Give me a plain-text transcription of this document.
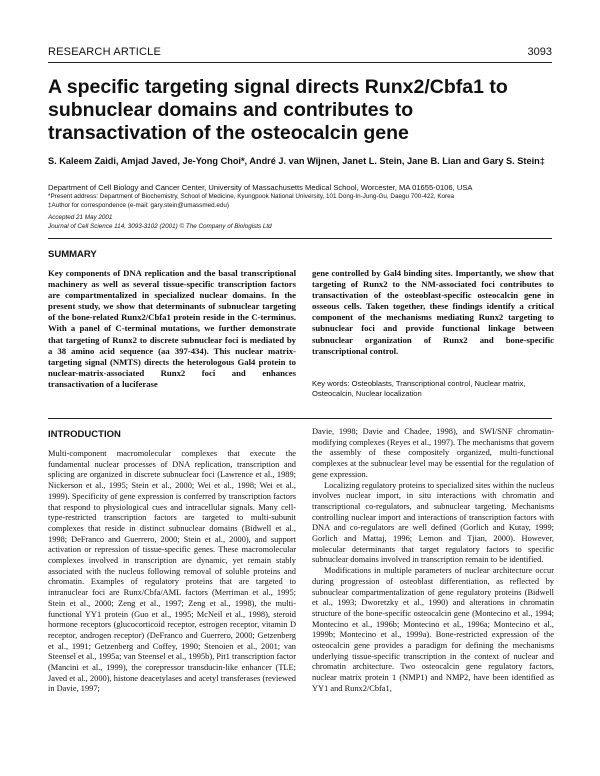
RESEARCH ARTICLE	3093
A specific targeting signal directs Runx2/Cbfa1 to subnuclear domains and contributes to transactivation of the osteocalcin gene
S. Kaleem Zaidi, Amjad Javed, Je-Yong Choi*, André J. van Wijnen, Janet L. Stein, Jane B. Lian and Gary S. Stein‡
Department of Cell Biology and Cancer Center, University of Massachusetts Medical School, Worcester, MA 01655-0106, USA
*Present address: Department of Biochemistry, School of Medicine, Kyungpook National University, 101 Dong-In-Jung-Gu, Daegu 700-422, Korea
‡Author for correspondence (e-mail: gary.stein@umassmed.edu)
Accepted 21 May 2001
Journal of Cell Science 114, 3093-3102 (2001) © The Company of Biologists Ltd
SUMMARY
Key components of DNA replication and the basal transcriptional machinery as well as several tissue-specific transcription factors are compartmentalized in specialized nuclear domains. In the present study, we show that determinants of subnuclear targeting of the bone-related Runx2/Cbfa1 protein reside in the C-terminus. With a panel of C-terminal mutations, we further demonstrate that targeting of Runx2 to discrete subnuclear foci is mediated by a 38 amino acid sequence (aa 397-434). This nuclear matrix-targeting signal (NMTS) directs the heterologous Gal4 protein to nuclear-matrix-associated Runx2 foci and enhances transactivation of a luciferase
gene controlled by Gal4 binding sites. Importantly, we show that targeting of Runx2 to the NM-associated foci contributes to transactivation of the osteoblast-specific osteocalcin gene in osseous cells. Taken together, these findings identify a critical component of the mechanisms mediating Runx2 targeting to subnuclear foci and provide functional linkage between subnuclear organization of Runx2 and bone-specific transcriptional control.
Key words: Osteoblasts, Transcriptional control, Nuclear matrix, Osteocalcin, Nuclear localization
INTRODUCTION
Multi-component macromolecular complexes that execute the fundamental nuclear processes of DNA replication, transcription and splicing are organized in discrete subnuclear foci (Lawrence et al., 1989; Nickerson et al., 1995; Stein et al., 2000; Wei et al., 1998; Wei et al., 1999). Specificity of gene expression is conferred by transcription factors that respond to physiological cues and intracellular signals. Many cell-type-restricted transcription factors are targeted to multi-subunit complexes that reside in distinct subnuclear domains (Bidwell et al., 1998; DeFranco and Guerrero, 2000; Stein et al., 2000), and support activation or repression of tissue-specific genes. These macromolecular complexes involved in transcription are dynamic, yet remain stably associated with the nucleus following removal of soluble proteins and chromatin. Examples of regulatory proteins that are targeted to intranuclear foci are Runx/Cbfa/AML factors (Merriman et al., 1995; Stein et al., 2000; Zeng et al., 1997; Zeng et al., 1998), the multi-functional YY1 protein (Guo et al., 1995; McNeil et al., 1998), steroid hormone receptors (glucocorticoid receptor, estrogen receptor, vitamin D receptor, androgen receptor) (DeFranco and Guerrero, 2000; Getzenberg et al., 1991; Getzenberg and Coffey, 1990; Stenoien et al., 2001; van Steensel et al., 1995a; van Steensel et al., 1995b), Pit1 transcription factor (Mancini et al., 1999), the corepressor transducin-like enhancer (TLE; Javed et al., 2000), histone deacetylases and acetyl transferases (reviewed in Davie, 1997;

Davie, 1998; Davie and Chadee, 1998), and SWI/SNF chromatin-modifying complexes (Reyes et al., 1997). The mechanisms that govern the assembly of these compositely organized, multi-functional complexes at the subnuclear level may be essential for the regulation of gene expression.

Localizing regulatory proteins to specialized sites within the nucleus involves nuclear import, in situ interactions with chromatin and transcriptional co-regulators, and subnuclear targeting. Mechanisms controlling nuclear import and interactions of transcription factors with DNA and co-regulators are well defined (Gorlich and Kutay, 1999; Gorlich and Mattaj, 1996; Lemon and Tjian, 2000). However, molecular determinants that target regulatory factors to specific subnuclear domains involved in transcription remain to be identified.

Modifications in multiple parameters of nuclear architecture occur during progression of osteoblast differentiation, as reflected by subnuclear compartmentalization of gene regulatory proteins (Bidwell et al., 1993; Dworetzky et al., 1990) and alterations in chromatin structure of the bone-specific osteocalcin gene (Montecino et al., 1994; Montecino et al., 1996b; Montecino et al., 1996a; Montecino et al., 1999b; Montecino et al., 1999a). Bone-restricted expression of the osteocalcin gene provides a paradigm for defining the mechanisms underlying tissue-specific transcription in the context of nuclear and chromatin architecture. Two osteocalcin gene regulatory factors, nuclear matrix protein 1 (NMP1) and NMP2, have been identified as YY1 and Runx2/Cbfa1,
